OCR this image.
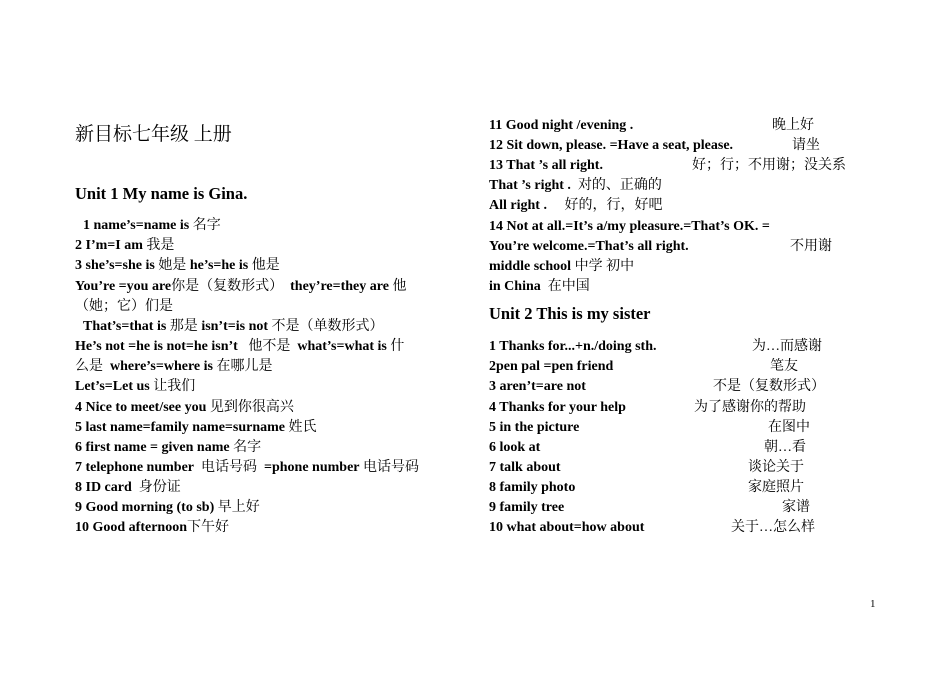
新目标七年级 上册
Unit 1 My name is Gina.
1 name’s=name is 名字
2 I’m=I am 我是
3 she’s=she is 她是 he’s=he is 他是
You’re =you are你是（复数形式） they’re=they are 他
（她；它）们是
That’s=that is 那是 isn’t=is not 不是（单数形式）
He’s not =he is not=he isn’t 他不是 what’s=what is 什
么是 where’s=where is 在哪儿是
Let’s=Let us 让我们
4 Nice to meet/see you 见到你很高兴
5 last name=family name=surname 姓氏
6 first name = given name 名字
7 telephone number 电话号码 =phone number 电话号码
8 ID card 身份证
9 Good morning (to sb) 早上好
10 Good afternoon下午好
11 Good night /evening .	晚上好
12 Sit down, please. =Have a seat, please.	请坐
13 That ’s all right.	好；行；不用谢；没关系
That ’s right . 对的、正确的
All right . 好的，行，好吧
14 Not at all.=It’s a/my pleasure.=That’s OK. =
You’re welcome.=That’s all right.	不用谢
middle school 中学 初中
in China 在中国
Unit 2 This is my sister
1 Thanks for...+n./doing sth.	为…而感谢
2pen pal =pen friend	笔友
3 aren’t=are not	不是（复数形式）
4 Thanks for your help	为了感谢你的帮助
5 in the picture	在图中
6 look at	朝…看
7 talk about	谈论关于
8 family photo	家庭照片
9 family tree	家谱
10 what about=how about	关于…怎么样
1
